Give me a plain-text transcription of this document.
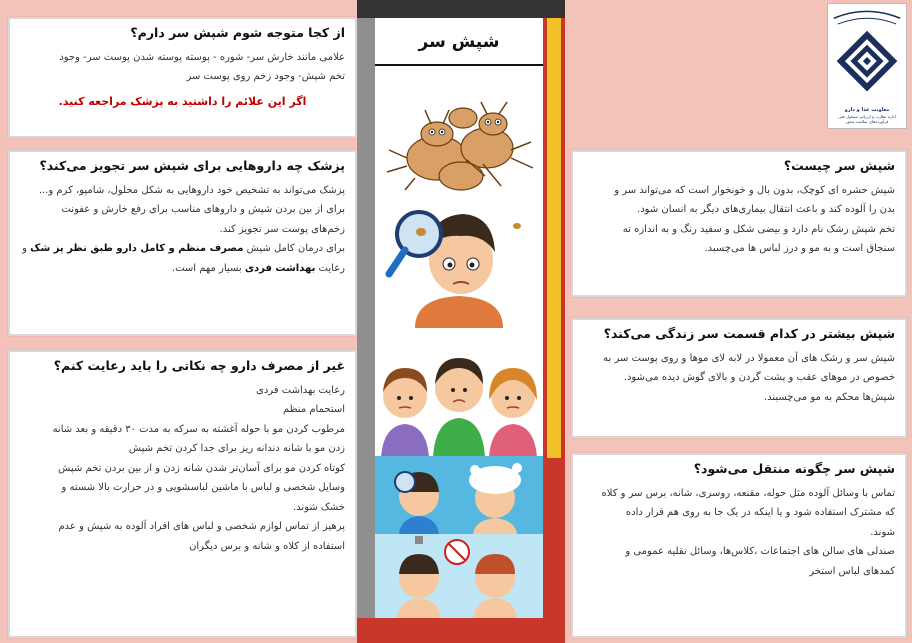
از کجا متوجه شوم شپش سر دارم؟

علامی مانند خارش سر- شوره - پوسته پوسته شدن پوست سر- وجود

تخم شپش- وجود زخم روی پوست سر

اگر این علائم را داشتید به پزشک مراجعه کنید.

پزشک چه داروهایی برای شپش سر تجویز می‌کند؟

پزشک می‌تواند به تشخیص خود داروهایی به شکل محلول، شامپو، کرم و...

برای از بین بردن شپش و داروهای مناسب برای رفع خارش و عفونت

زخم‌های پوست سر تجویز کند.

برای درمان کامل شپش مصرف منظم و کامل دارو طبق نظر پز شک و

رعایت بهداشت فردی بسیار مهم است.

غیر از مصرف دارو چه نکاتی را باید رعایت کنم؟

رعایت بهداشت فردی

استحمام منظم

مرطوب کردن مو با حوله آغشته به سرکه به مدت ۳۰ دقیقه و بعد شانه

زدن مو با شانه دندانه ریز برای جدا کردن تخم شپش

کوتاه کردن مو برای آسان‌تر شدن شانه زدن و از بین بردن تخم شپش

وسایل شخصی و لباس با ماشین لباسشویی و در حرارت بالا شسته و

خشک شوند.

پرهیز از تماس لوازم شخصی و لباس های افراد آلوده به شپش و عدم

استفاده از کلاه و شانه و برس دیگران

شپش سر
معاونت غذا و دارو
اداره نظارت و ارزیابی مسئول فنی فرآورده‌های سلامت محور
شپش سر چیست؟

شپش حشره ای کوچک، بدون بال و خونخوار است که می‌تواند سر و

بدن را آلوده کند و باعث انتقال بیماری‌های دیگر به انسان شود.

تخم شپش رشک نام دارد و بیضی شکل و سفید رنگ و به اندازه ته

سنجاق است و به مو و درز لباس ها می‌چسبد.

شپش بیشتر در کدام قسمت سر زندگی می‌کند؟

شپش سر و رشک های آن معمولا در لابه لای موها و روی پوست سر به

خصوص در موهای عقب و پشت گردن و بالای گوش دیده می‌شود.

شپش‌ها محکم به مو می‌چسبند.

شپش سر چگونه منتقل می‌شود؟

تماس با وسائل آلوده مثل حوله، مقنعه، روسری، شانه، برس سر و کلاه

که مشترک استفاده شود و یا اینکه در یک جا به روی هم قرار داده

شوند.

صندلی های سالن های اجتماعات ،کلاس‌ها، وسائل نقلیه عمومی و

کمدهای لباس استخر
